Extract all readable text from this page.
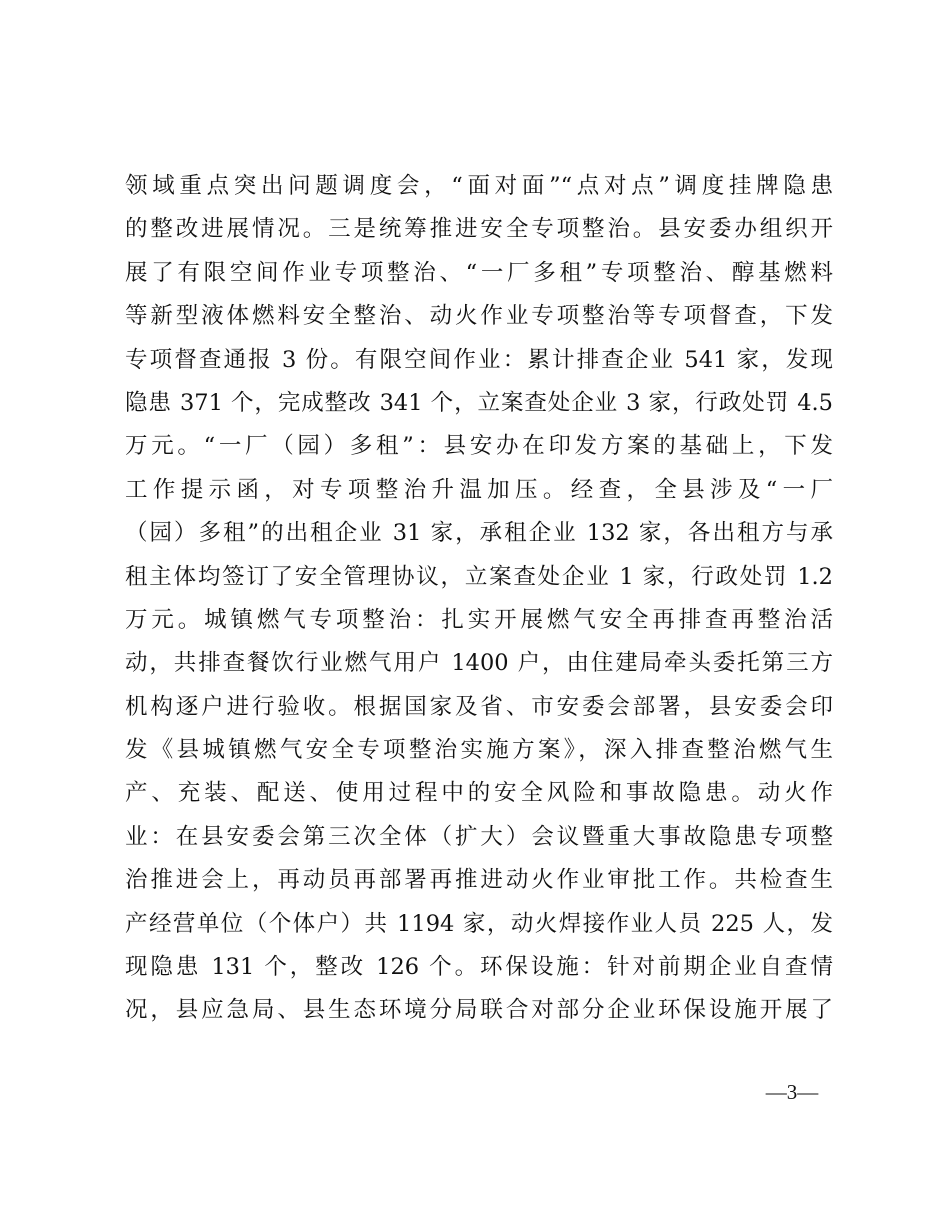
领域重点突出问题调度会，“面对面”“点对点”调度挂牌隐患
的整改进展情况。三是统筹推进安全专项整治。县安委办组织开
展了有限空间作业专项整治、“一厂多租”专项整治、醇基燃料
等新型液体燃料安全整治、动火作业专项整治等专项督查，下发
专项督查通报 3 份。有限空间作业：累计排查企业 541 家，发现
隐患 371 个，完成整改 341 个，立案查处企业 3 家，行政处罚 4.5
万元。“一厂（园）多租”：县安办在印发方案的基础上，下发
工作提示函，对专项整治升温加压。经查，全县涉及“一厂
（园）多租”的出租企业 31 家，承租企业 132 家，各出租方与承
租主体均签订了安全管理协议，立案查处企业 1 家，行政处罚 1.2
万元。城镇燃气专项整治：扎实开展燃气安全再排查再整治活
动，共排查餐饮行业燃气用户 1400 户，由住建局牵头委托第三方
机构逐户进行验收。根据国家及省、市安委会部署，县安委会印
发《县城镇燃气安全专项整治实施方案》，深入排查整治燃气生
产、充装、配送、使用过程中的安全风险和事故隐患。动火作
业：在县安委会第三次全体（扩大）会议暨重大事故隐患专项整
治推进会上，再动员再部署再推进动火作业审批工作。共检查生
产经营单位（个体户）共 1194 家，动火焊接作业人员 225 人，发
现隐患 131 个，整改 126 个。环保设施：针对前期企业自查情
况，县应急局、县生态环境分局联合对部分企业环保设施开展了
—3—
